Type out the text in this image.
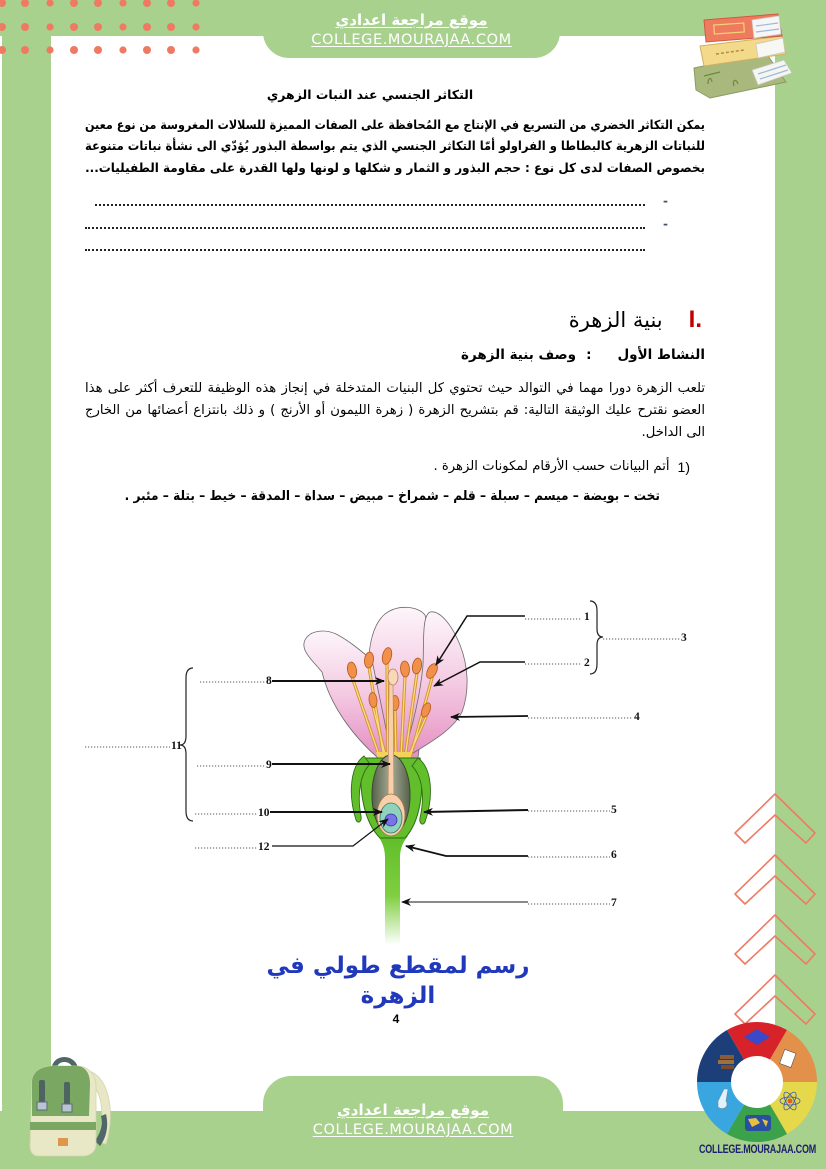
موقع مراجعة اعدادي
COLLEGE.MOURAJAA.COM
التكاثر الجنسي عند النبات الزهري
يمكن التكاثر الخضري من التسريع في الإنتاج مع المُحافظة على الصفات المميزة للسلالات المغروسة من نوع معين
للنباتات الزهرية كالبطاطا و الفراولو أمّا التكاثر الجنسي الذي يتم بواسطة البذور يُؤدّي الى نشأة نباتات متنوعة
بخصوص الصفات لدى كل نوع : حجم البذور و الثمار و شكلها و لونها ولها القدرة على مقاومة الطفيليات...
-
-
I.
بنية الزهرة
النشاط الأول
:
وصف بنية الزهرة
تلعب الزهرة دورا مهما في التوالد حيث تحتوي كل البنيات المتدخلة في إنجاز هذه الوظيفة للتعرف أكثر على هذا
العضو نقترح عليك الوثيقة التالية: قم بتشريح الزهرة ( زهرة الليمون أو الأرنج ) و ذلك بانتزاع أعضائها من الخارج
الى الداخل.
1)
أتم البيانات حسب الأرقام لمكونات الزهرة .
تخت – بويضة – ميسم – سبلة – قلم – شمراخ – مبيض – سداة – المدقة – خيط – بتلة – مئبر .
1
2
3
4
5
6
7
8
9
10
11
12
رسم لمقطع طولي في الزهرة
4
موقع مراجعة اعدادي
COLLEGE.MOURAJAA.COM
COLLEGE.MOURAJAA.COM
